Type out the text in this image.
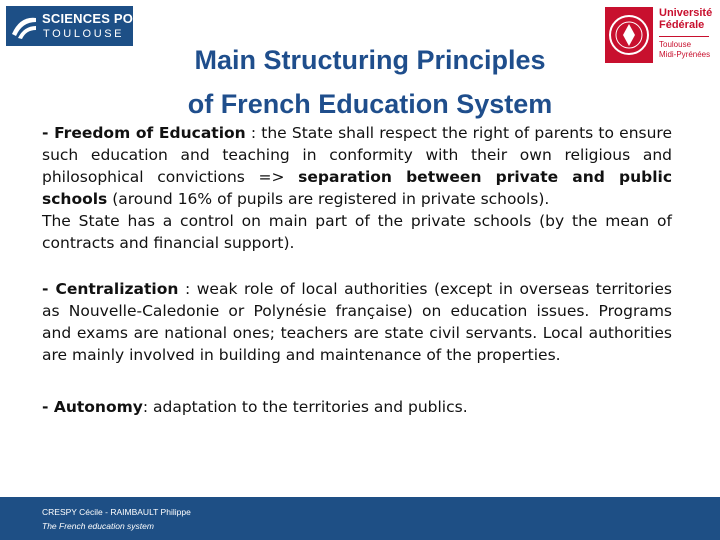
SCIENCES PO
TOULOUSE
Université
Fédérale
Toulouse
Midi-Pyrénées
Main Structuring Principles
of French Education System

- Freedom of Education : the State shall respect the right of parents to ensure such education and teaching in conformity with their own religious and philosophical convictions => separation between private and public schools (around 16% of pupils are registered in private schools).

The State has a control on main part of the private schools (by the mean of contracts and financial support).

- Centralization : weak role of local authorities (except in overseas territories as Nouvelle-Caledonie or Polynésie française) on education issues. Programs and exams are national ones; teachers are state civil servants. Local authorities are mainly involved in building and maintenance of the properties.

- Autonomy: adaptation to the territories and publics.

CRESPY Cécile - RAIMBAULT Philippe
The French education system
